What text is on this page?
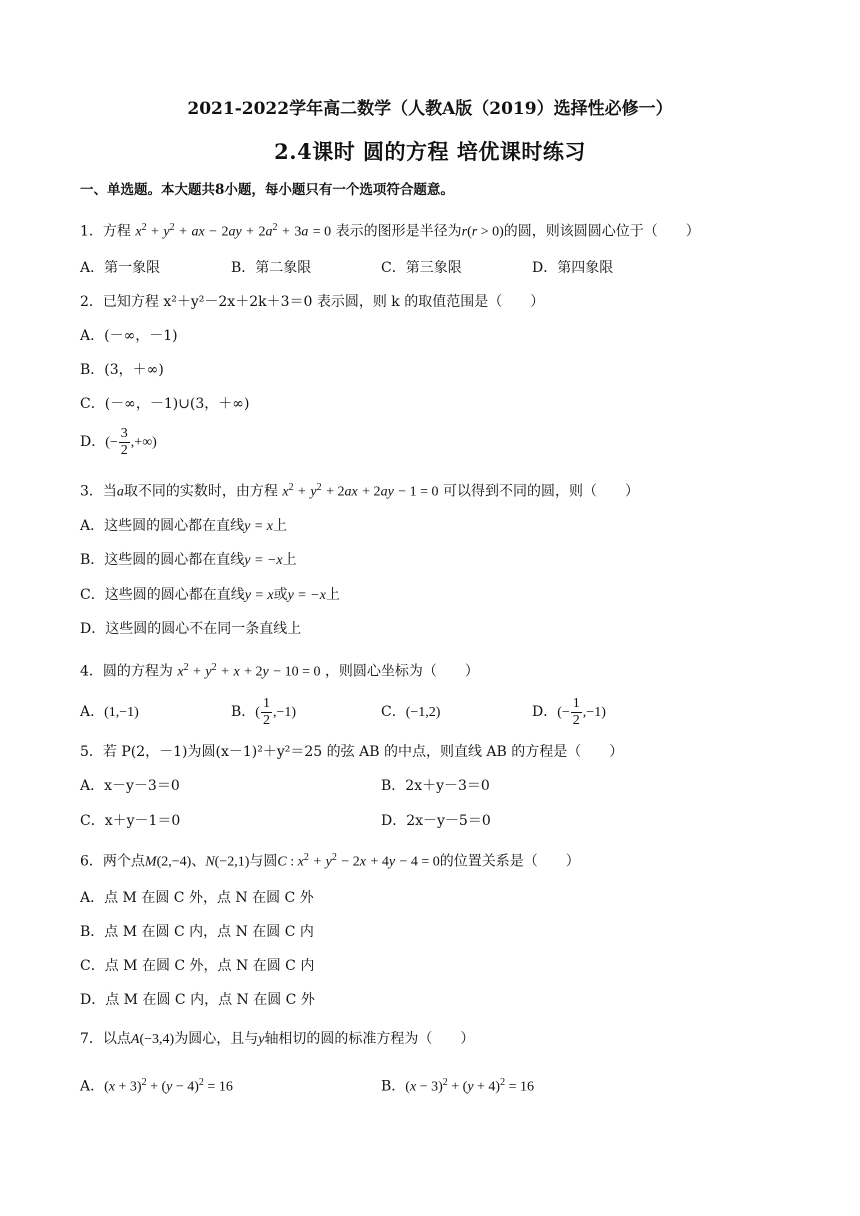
2021-2022学年高二数学（人教A版（2019）选择性必修一）
2.4课时 圆的方程 培优课时练习
一、单选题。本大题共8小题，每小题只有一个选项符合题意。
1．方程 $x^2 + y^2$ + ax − $2ay + 2a^2 + 3a = 0$ 表示的图形是半径为r(r > 0)的圆，则该圆圆心位于（　　）
A．第一象限	B．第二象限	C．第三象限	D．第四象限
2．已知方程 x²＋y²－2x＋2k＋3＝0 表示圆，则 k 的取值范围是（　　）
A．(－∞，－1)
B．(3，＋∞)
C．(－∞，－1)∪(3，＋∞)
D．(− $\frac{3}{2}$ ,+∞)
3．当a取不同的实数时，由方程 $x^2 + y^2 + 2ax + 2ay - 1 = 0$ 可以得到不同的圆，则（　　）
A．这些圆的圆心都在直线y = x上
B．这些圆的圆心都在直线y = −x上
C．这些圆的圆心都在直线y = x或y = −x上
D．这些圆的圆心不在同一条直线上
4．圆的方程为 $x^2 + y^2 + x + 2y - 10 = 0$ ，则圆心坐标为（　　）
A．(1,−1)	B．( $\frac{1}{2} ,-1$)	C．(−1,2)	D．(− $\frac{1}{2} ,-1$)
5．若 P(2，－1)为圆(x－1)²＋y²＝25 的弦 AB 的中点，则直线 AB 的方程是（　　）
A．x－y－3＝0	B．2x＋y－3＝0
C．x＋y－1＝0	D．2x－y－5＝0
6．两个点M(2,−4)、N(−2,1)与圆C : $x^2 + y^2 - 2x + 4y - 4 = 0$的位置关系是（　　）
A．点 M 在圆 C 外，点 N 在圆 C 外
B．点 M 在圆 C 内，点 N 在圆 C 内
C．点 M 在圆 C 外，点 N 在圆 C 内
D．点 M 在圆 C 内，点 N 在圆 C 外
7．以点A(−3,4)为圆心，且与y轴相切的圆的标准方程为（　　）
A．$(x + 3)^2 + (y - 4)^2 = 16$	B．$(x - 3)^2 + (y + 4)^2 = 16$
